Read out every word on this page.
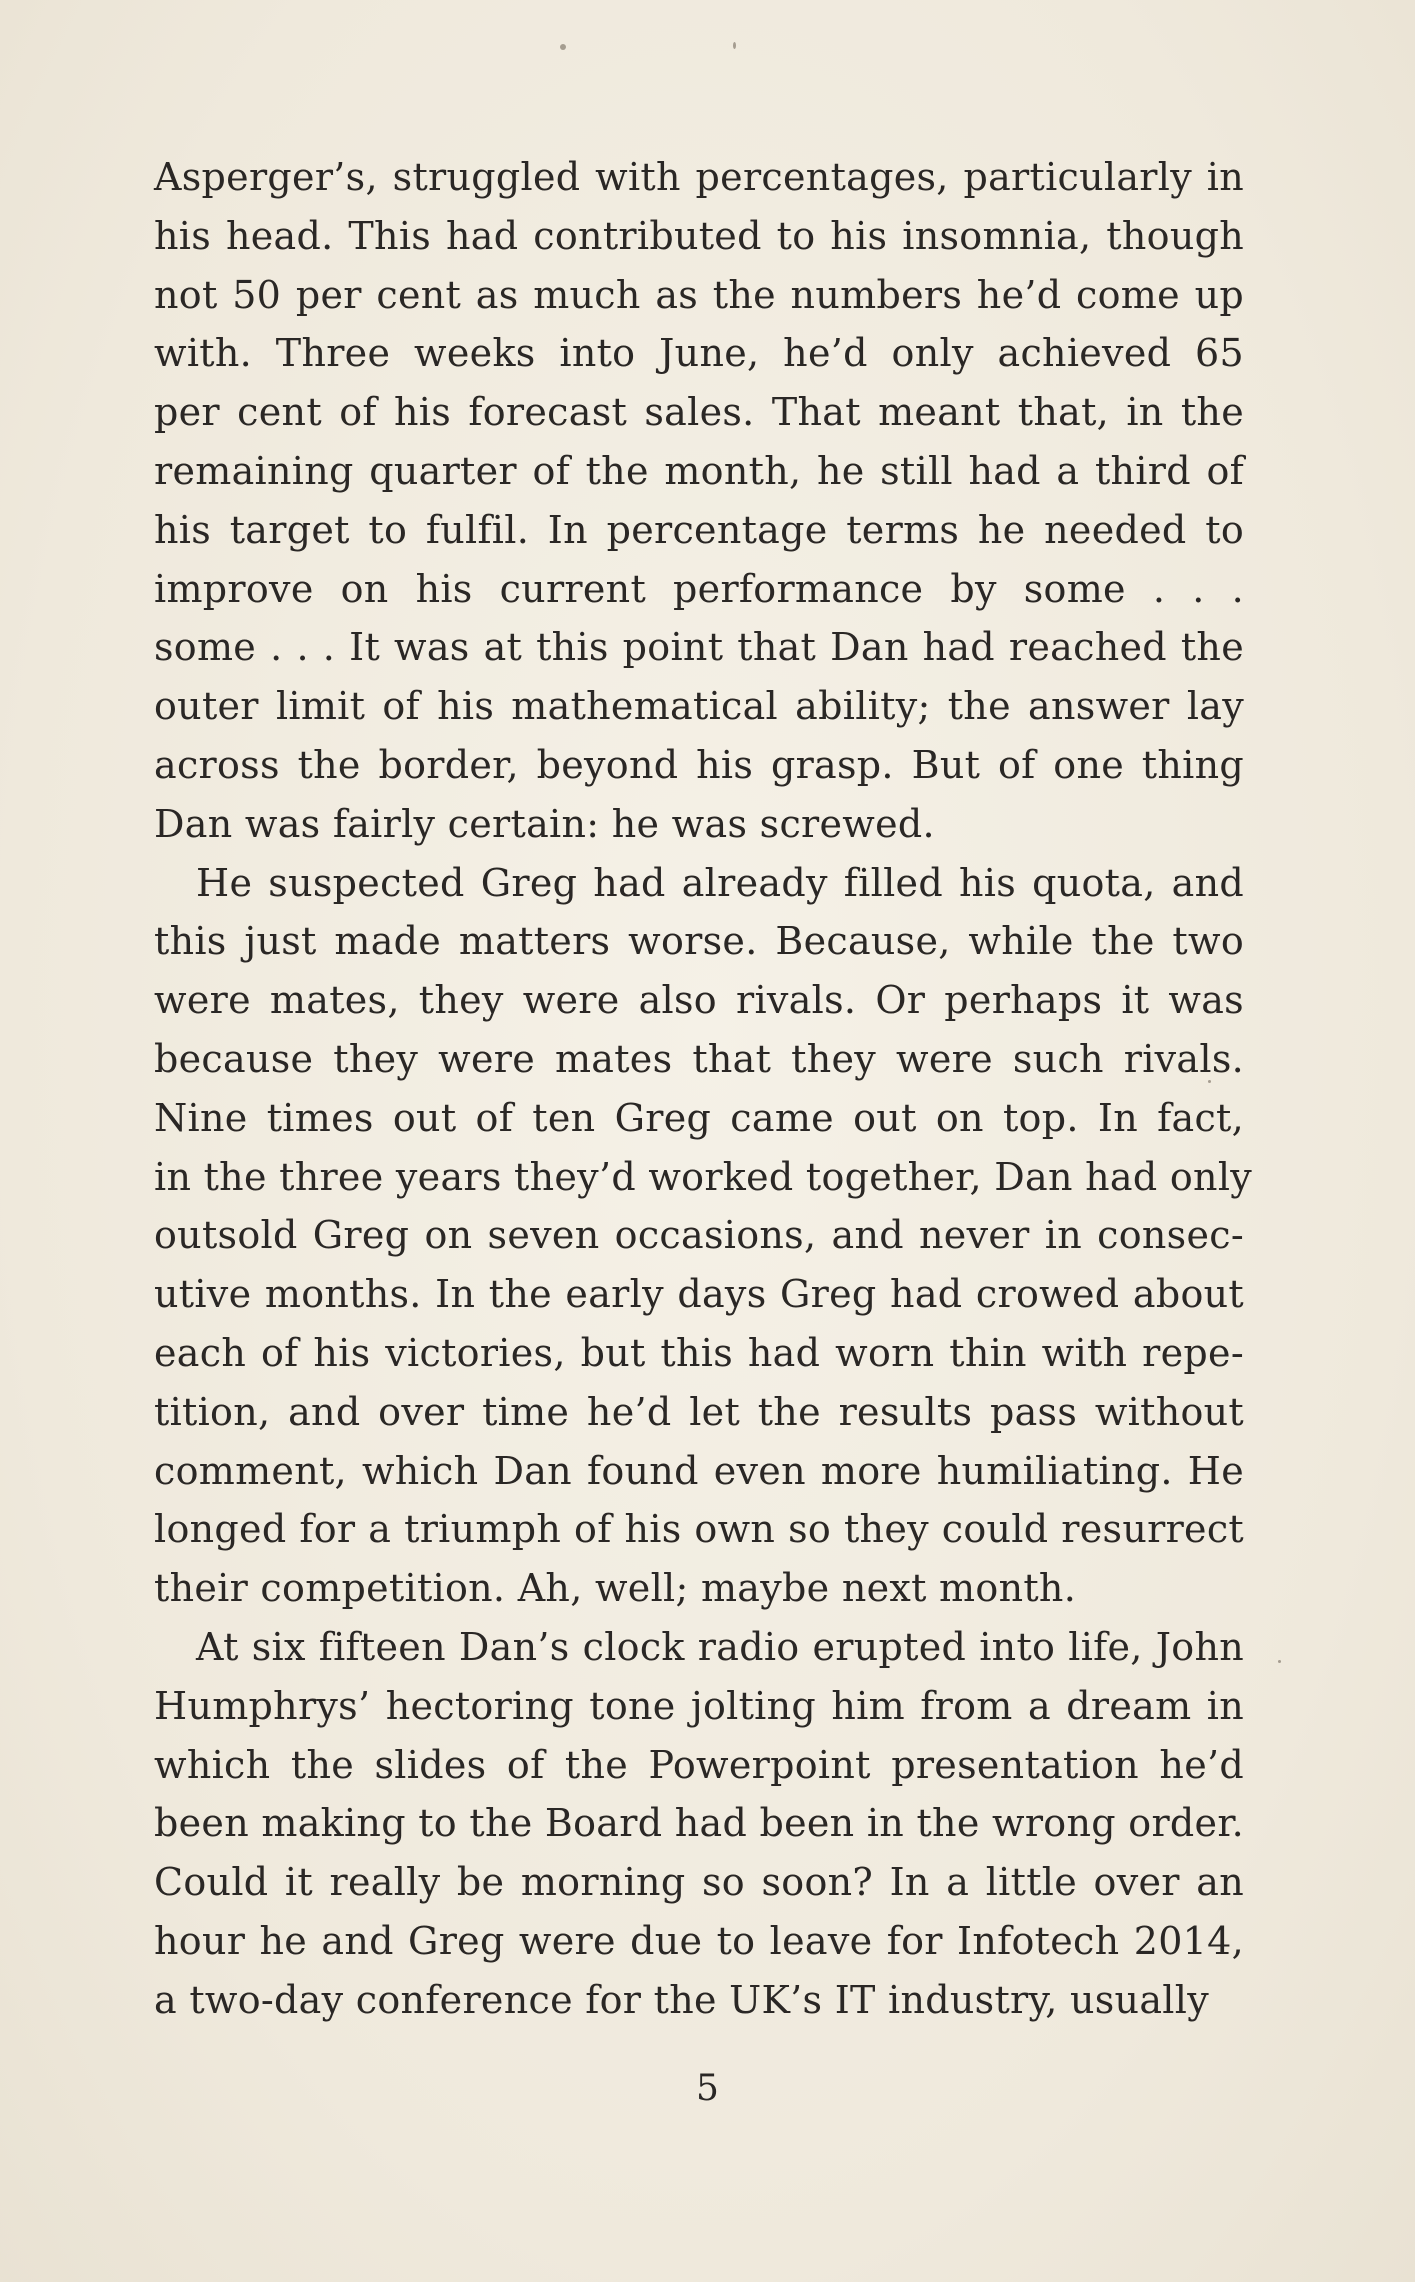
Asperger’s, struggled with percentages, particularly in
his head. This had contributed to his insomnia, though
not 50 per cent as much as the numbers he’d come up
with. Three weeks into June, he’d only achieved 65
per cent of his forecast sales. That meant that, in the
remaining quarter of the month, he still had a third of
his target to fulfil. In percentage terms he needed to
improve on his current performance by some . . .
some . . . It was at this point that Dan had reached the
outer limit of his mathematical ability; the answer lay
across the border, beyond his grasp. But of one thing
Dan was fairly certain: he was screwed.

He suspected Greg had already filled his quota, and
this just made matters worse. Because, while the two
were mates, they were also rivals. Or perhaps it was
because they were mates that they were such rivals.
Nine times out of ten Greg came out on top. In fact,
in the three years they’d worked together, Dan had only
outsold Greg on seven occasions, and never in consec-
utive months. In the early days Greg had crowed about
each of his victories, but this had worn thin with repe-
tition, and over time he’d let the results pass without
comment, which Dan found even more humiliating. He
longed for a triumph of his own so they could resurrect
their competition. Ah, well; maybe next month.

At six fifteen Dan’s clock radio erupted into life, John
Humphrys’ hectoring tone jolting him from a dream in
which the slides of the Powerpoint presentation he’d
been making to the Board had been in the wrong order.
Could it really be morning so soon? In a little over an
hour he and Greg were due to leave for Infotech 2014,
a two-day conference for the UK’s IT industry, usually

5
